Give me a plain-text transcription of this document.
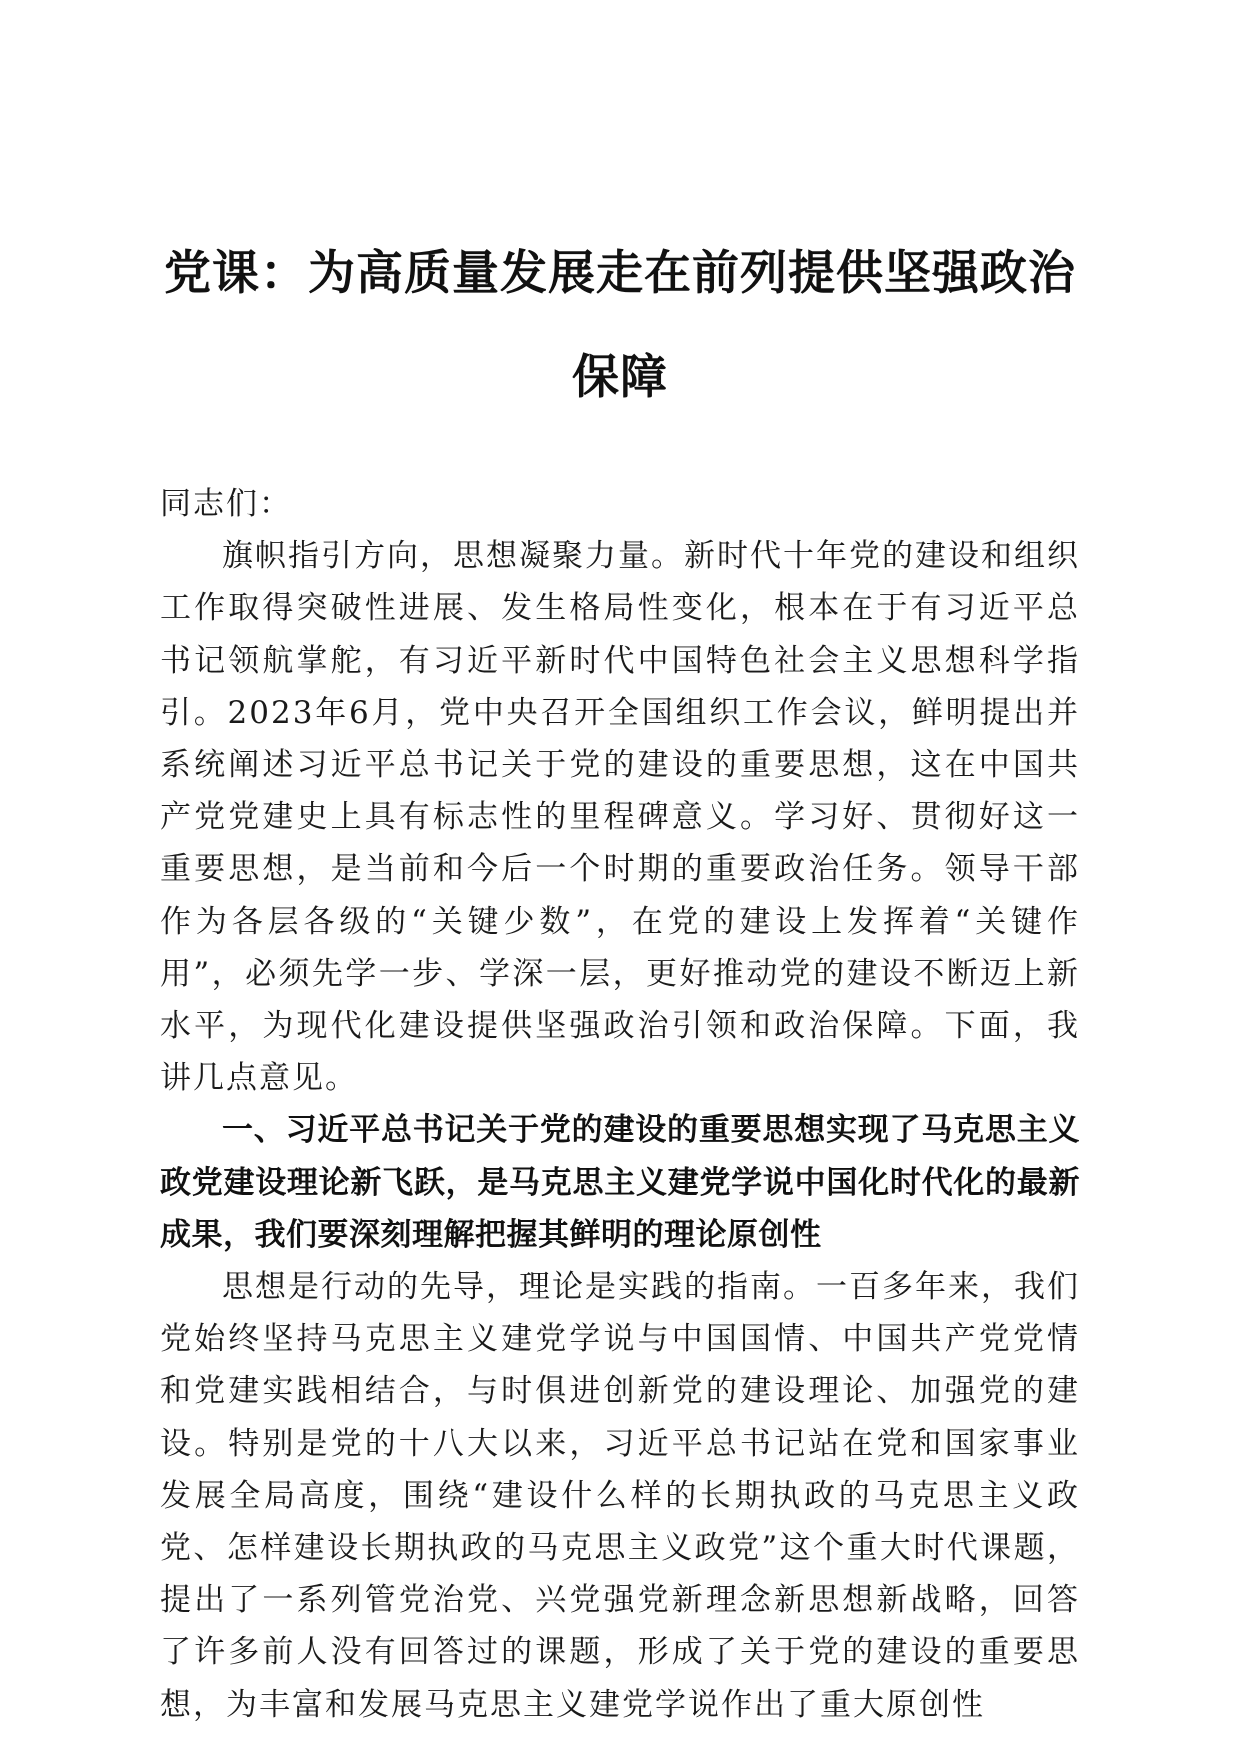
党课：为高质量发展走在前列提供坚强政治保障

同志们：

旗帜指引方向，思想凝聚力量。新时代十年党的建设和组织工作取得突破性进展、发生格局性变化，根本在于有习近平总书记领航掌舵，有习近平新时代中国特色社会主义思想科学指引。2023年6月，党中央召开全国组织工作会议，鲜明提出并系统阐述习近平总书记关于党的建设的重要思想，这在中国共产党党建史上具有标志性的里程碑意义。学习好、贯彻好这一重要思想，是当前和今后一个时期的重要政治任务。领导干部作为各层各级的“关键少数”，在党的建设上发挥着“关键作用”，必须先学一步、学深一层，更好推动党的建设不断迈上新水平，为现代化建设提供坚强政治引领和政治保障。下面，我讲几点意见。

一、习近平总书记关于党的建设的重要思想实现了马克思主义政党建设理论新飞跃，是马克思主义建党学说中国化时代化的最新成果，我们要深刻理解把握其鲜明的理论原创性

思想是行动的先导，理论是实践的指南。一百多年来，我们党始终坚持马克思主义建党学说与中国国情、中国共产党党情和党建实践相结合，与时俱进创新党的建设理论、加强党的建设。特别是党的十八大以来，习近平总书记站在党和国家事业发展全局高度，围绕“建设什么样的长期执政的马克思主义政党、怎样建设长期执政的马克思主义政党”这个重大时代课题，提出了一系列管党治党、兴党强党新理念新思想新战略，回答了许多前人没有回答过的课题，形成了关于党的建设的重要思想，为丰富和发展马克思主义建党学说作出了重大原创性
